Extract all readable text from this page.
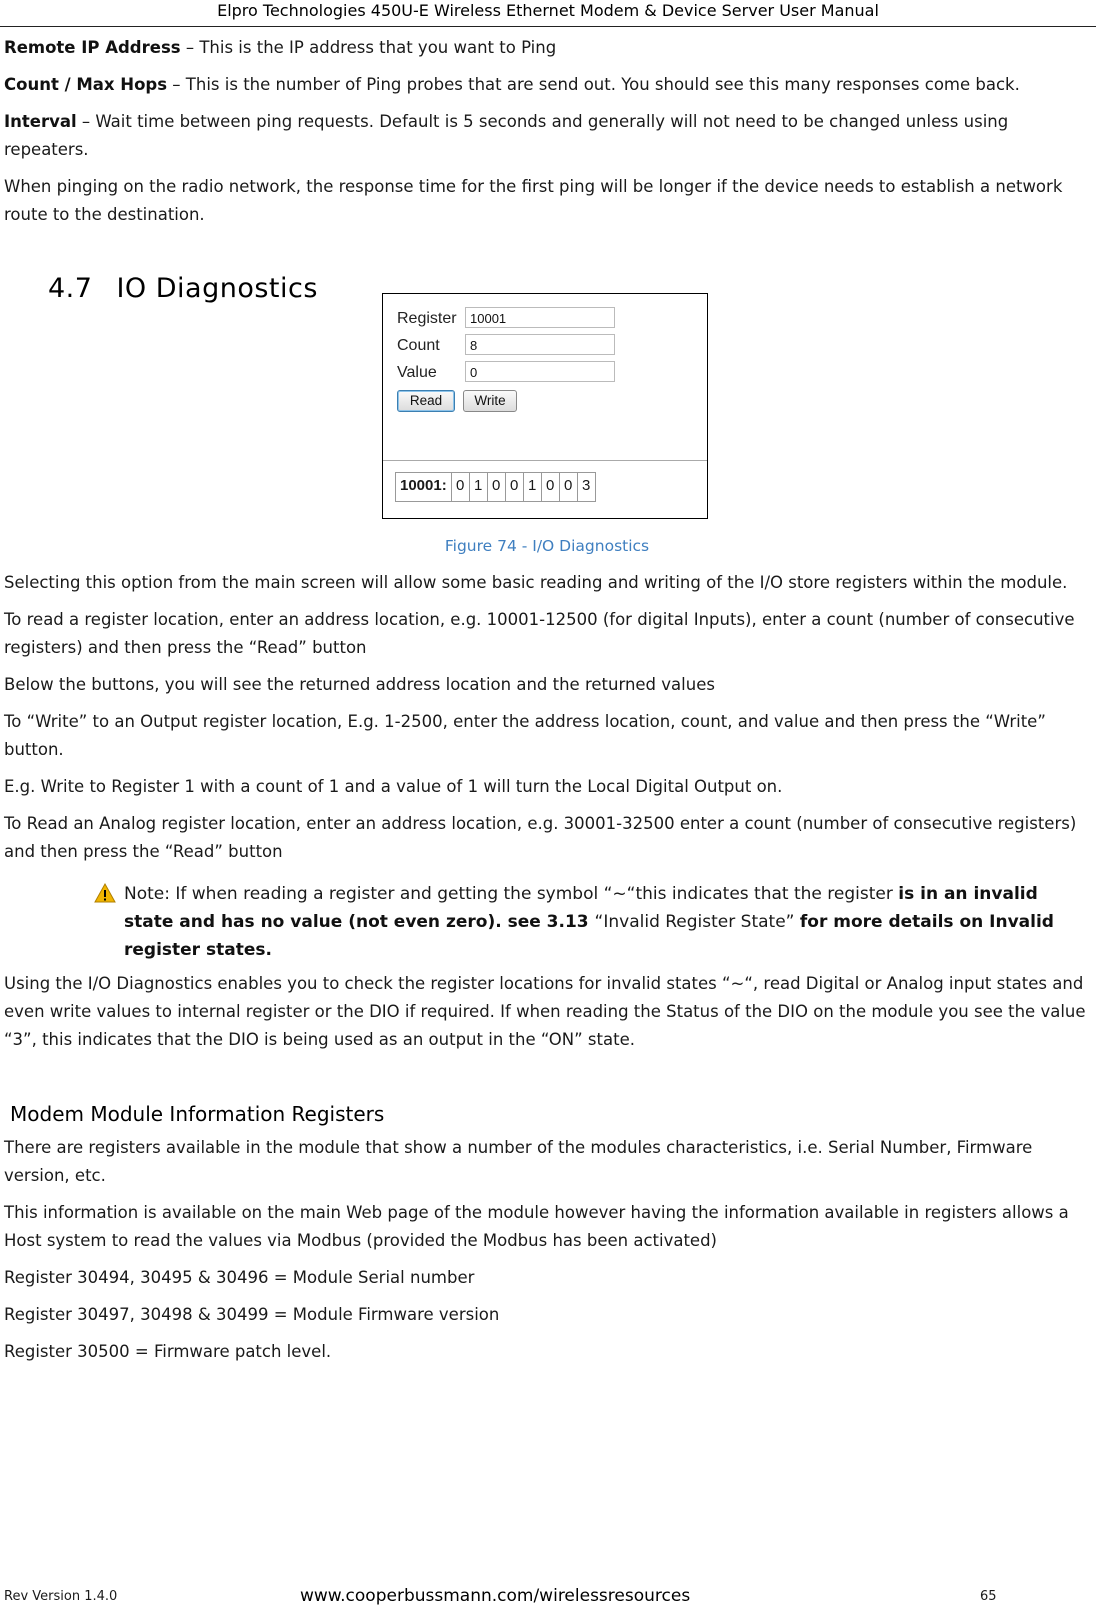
Elpro Technologies 450U-E Wireless Ethernet Modem & Device Server User Manual

Remote IP Address – This is the IP address that you want to Ping

Count / Max Hops – This is the number of Ping probes that are send out. You should see this many responses come back.

Interval – Wait time between ping requests. Default is 5 seconds and generally will not need to be changed unless using repeaters.

When pinging on the radio network, the response time for the first ping will be longer if the device needs to establish a network route to the destination.

4.7 IO Diagnostics
Register	10001
Count	8
Value	0
Read	Write
10001: 0 1 0 0 1 0 0 3
Figure 74 - I/O Diagnostics

Selecting this option from the main screen will allow some basic reading and writing of the I/O store registers within the module.

To read a register location, enter an address location, e.g. 10001-12500 (for digital Inputs), enter a count (number of consecutive registers) and then press the “Read” button

Below the buttons, you will see the returned address location and the returned values

To “Write” to an Output register location, E.g. 1-2500, enter the address location, count, and value and then press the “Write” button.

E.g. Write to Register 1 with a count of 1 and a value of 1 will turn the Local Digital Output on.

To Read an Analog register location, enter an address location, e.g. 30001-32500 enter a count (number of consecutive registers) and then press the “Read” button

Note: If when reading a register and getting the symbol “~“this indicates that the register is in an invalid state and has no value (not even zero). see 3.13 “Invalid Register State” for more details on Invalid register states.

Using the I/O Diagnostics enables you to check the register locations for invalid states “~“, read Digital or Analog input states and even write values to internal register or the DIO if required. If when reading the Status of the DIO on the module you see the value “3”, this indicates that the DIO is being used as an output in the “ON” state.

Modem Module Information Registers

There are registers available in the module that show a number of the modules characteristics, i.e. Serial Number, Firmware version, etc.

This information is available on the main Web page of the module however having the information available in registers allows a Host system to read the values via Modbus (provided the Modbus has been activated)

Register 30494, 30495 & 30496 = Module Serial number

Register 30497, 30498 & 30499 = Module Firmware version

Register 30500 = Firmware patch level.

Rev Version 1.4.0	www.cooperbussmann.com/wirelessresources	65
